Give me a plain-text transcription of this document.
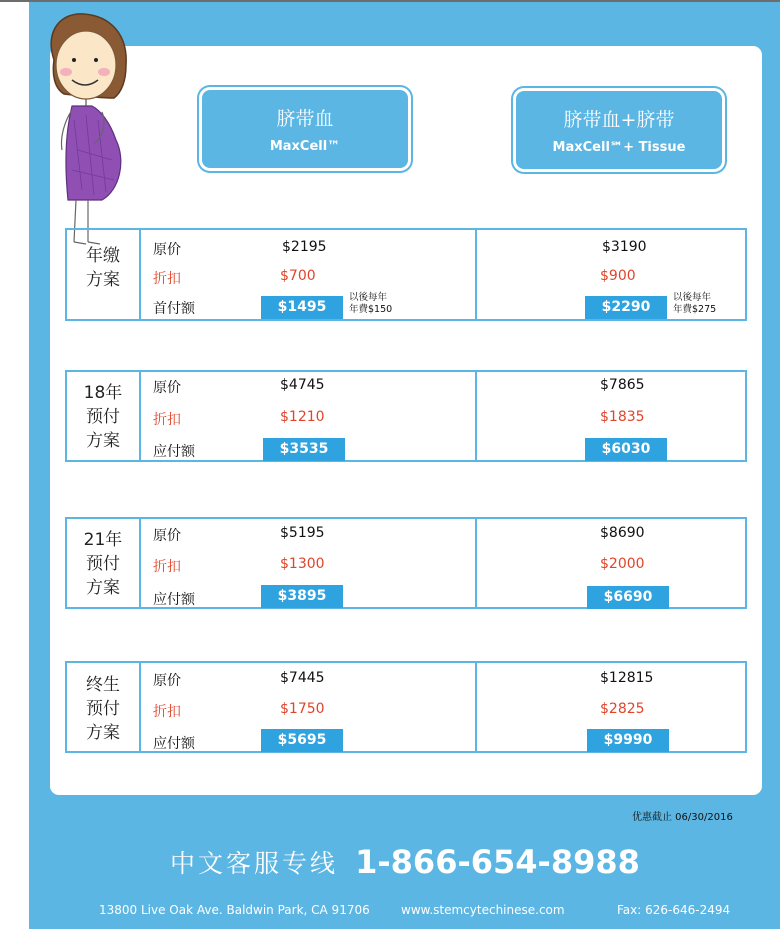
脐带血
MaxCell™
脐带血+脐带
MaxCell℠+ Tissue
年缴
方案
原价
折扣
首付额
$2195
$700
$1495
以後每年
年費$150
$3190
$900
$2290
以後每年
年費$275
18年
预付
方案
原价
折扣
应付额
$4745
$1210
$3535
$7865
$1835
$6030
21年
预付
方案
原价
折扣
应付额
$5195
$1300
$3895
$8690
$2000
$6690
终生
预付
方案
原价
折扣
应付额
$7445
$1750
$5695
$12815
$2825
$9990
优惠截止 06/30/2016
中文客服专线 1-866-654-8988
13800 Live Oak Ave. Baldwin Park, CA 91706	www.stemcytechinese.com	Fax: 626-646-2494
